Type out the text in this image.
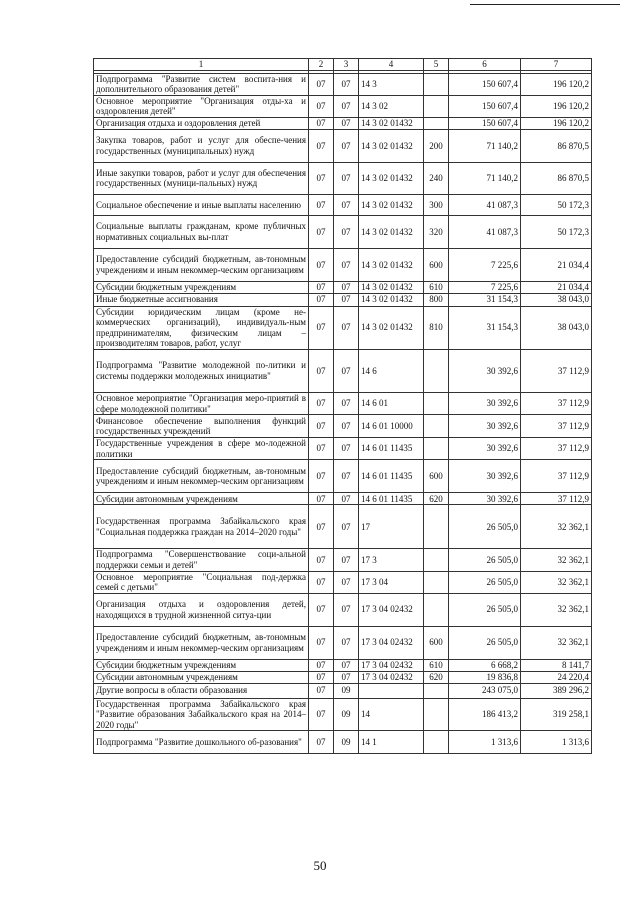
1	2	3	4	5	6	7

Подпрограмма "Развитие систем воспита-ния и дополнительного образования детей"	07	07	14 3		150 607,4	196 120,2
Основное мероприятие "Организация отды-ха и оздоровления детей"	07	07	14 3 02		150 607,4	196 120,2
Организация отдыха и оздоровления детей	07	07	14 3 02 01432		150 607,4	196 120,2
Закупка товаров, работ и услуг для обеспе-чения государственных (муниципальных) нужд	07	07	14 3 02 01432	200	71 140,2	86 870,5
Иные закупки товаров, работ и услуг для обеспечения государственных (муници-пальных) нужд	07	07	14 3 02 01432	240	71 140,2	86 870,5
Социальное обеспечение и иные выплаты населению	07	07	14 3 02 01432	300	41 087,3	50 172,3
Социальные выплаты гражданам, кроме публичных нормативных социальных вы-плат	07	07	14 3 02 01432	320	41 087,3	50 172,3
Предоставление субсидий бюджетным, ав-тономным учреждениям и иным некоммер-ческим организациям	07	07	14 3 02 01432	600	7 225,6	21 034,4
Субсидии бюджетным учреждениям	07	07	14 3 02 01432	610	7 225,6	21 034,4
Иные бюджетные ассигнования	07	07	14 3 02 01432	800	31 154,3	38 043,0
Субсидии юридическим лицам (кроме не-коммерческих организаций), индивидуаль-ным предпринимателям, физическим лицам – производителям товаров, работ, услуг	07	07	14 3 02 01432	810	31 154,3	38 043,0
Подпрограмма "Развитие молодежной по-литики и системы поддержки молодежных инициатив"	07	07	14 6		30 392,6	37 112,9
Основное мероприятие "Организация меро-приятий в сфере молодежной политики"	07	07	14 6 01		30 392,6	37 112,9
Финансовое обеспечение выполнения функций государственных учреждений	07	07	14 6 01 10000		30 392,6	37 112,9
Государственные учреждения в сфере мо-лодежной политики	07	07	14 6 01 11435		30 392,6	37 112,9
Предоставление субсидий бюджетным, ав-тономным учреждениям и иным некоммер-ческим организациям	07	07	14 6 01 11435	600	30 392,6	37 112,9
Субсидии автономным учреждениям	07	07	14 6 01 11435	620	30 392,6	37 112,9
Государственная программа Забайкальского края "Социальная поддержка граждан на 2014–2020 годы"	07	07	17		26 505,0	32 362,1
Подпрограмма "Совершенствование соци-альной поддержки семьи и детей"	07	07	17 3		26 505,0	32 362,1
Основное мероприятие "Социальная под-держка семей с детьми"	07	07	17 3 04		26 505,0	32 362,1
Организация отдыха и оздоровления детей, находящихся в трудной жизненной ситуа-ции	07	07	17 3 04 02432		26 505,0	32 362,1
Предоставление субсидий бюджетным, ав-тономным учреждениям и иным некоммер-ческим организациям	07	07	17 3 04 02432	600	26 505,0	32 362,1
Субсидии бюджетным учреждениям	07	07	17 3 04 02432	610	6 668,2	8 141,7
Субсидии автономным учреждениям	07	07	17 3 04 02432	620	19 836,8	24 220,4
Другие вопросы в области образования	07	09			243 075,0	389 296,2
Государственная программа Забайкальского края "Развитие образования Забайкальского края на 2014–2020 годы"	07	09	14		186 413,2	319 258,1
Подпрограмма "Развитие дошкольного об-разования"	07	09	14 1		1 313,6	1 313,6
50
